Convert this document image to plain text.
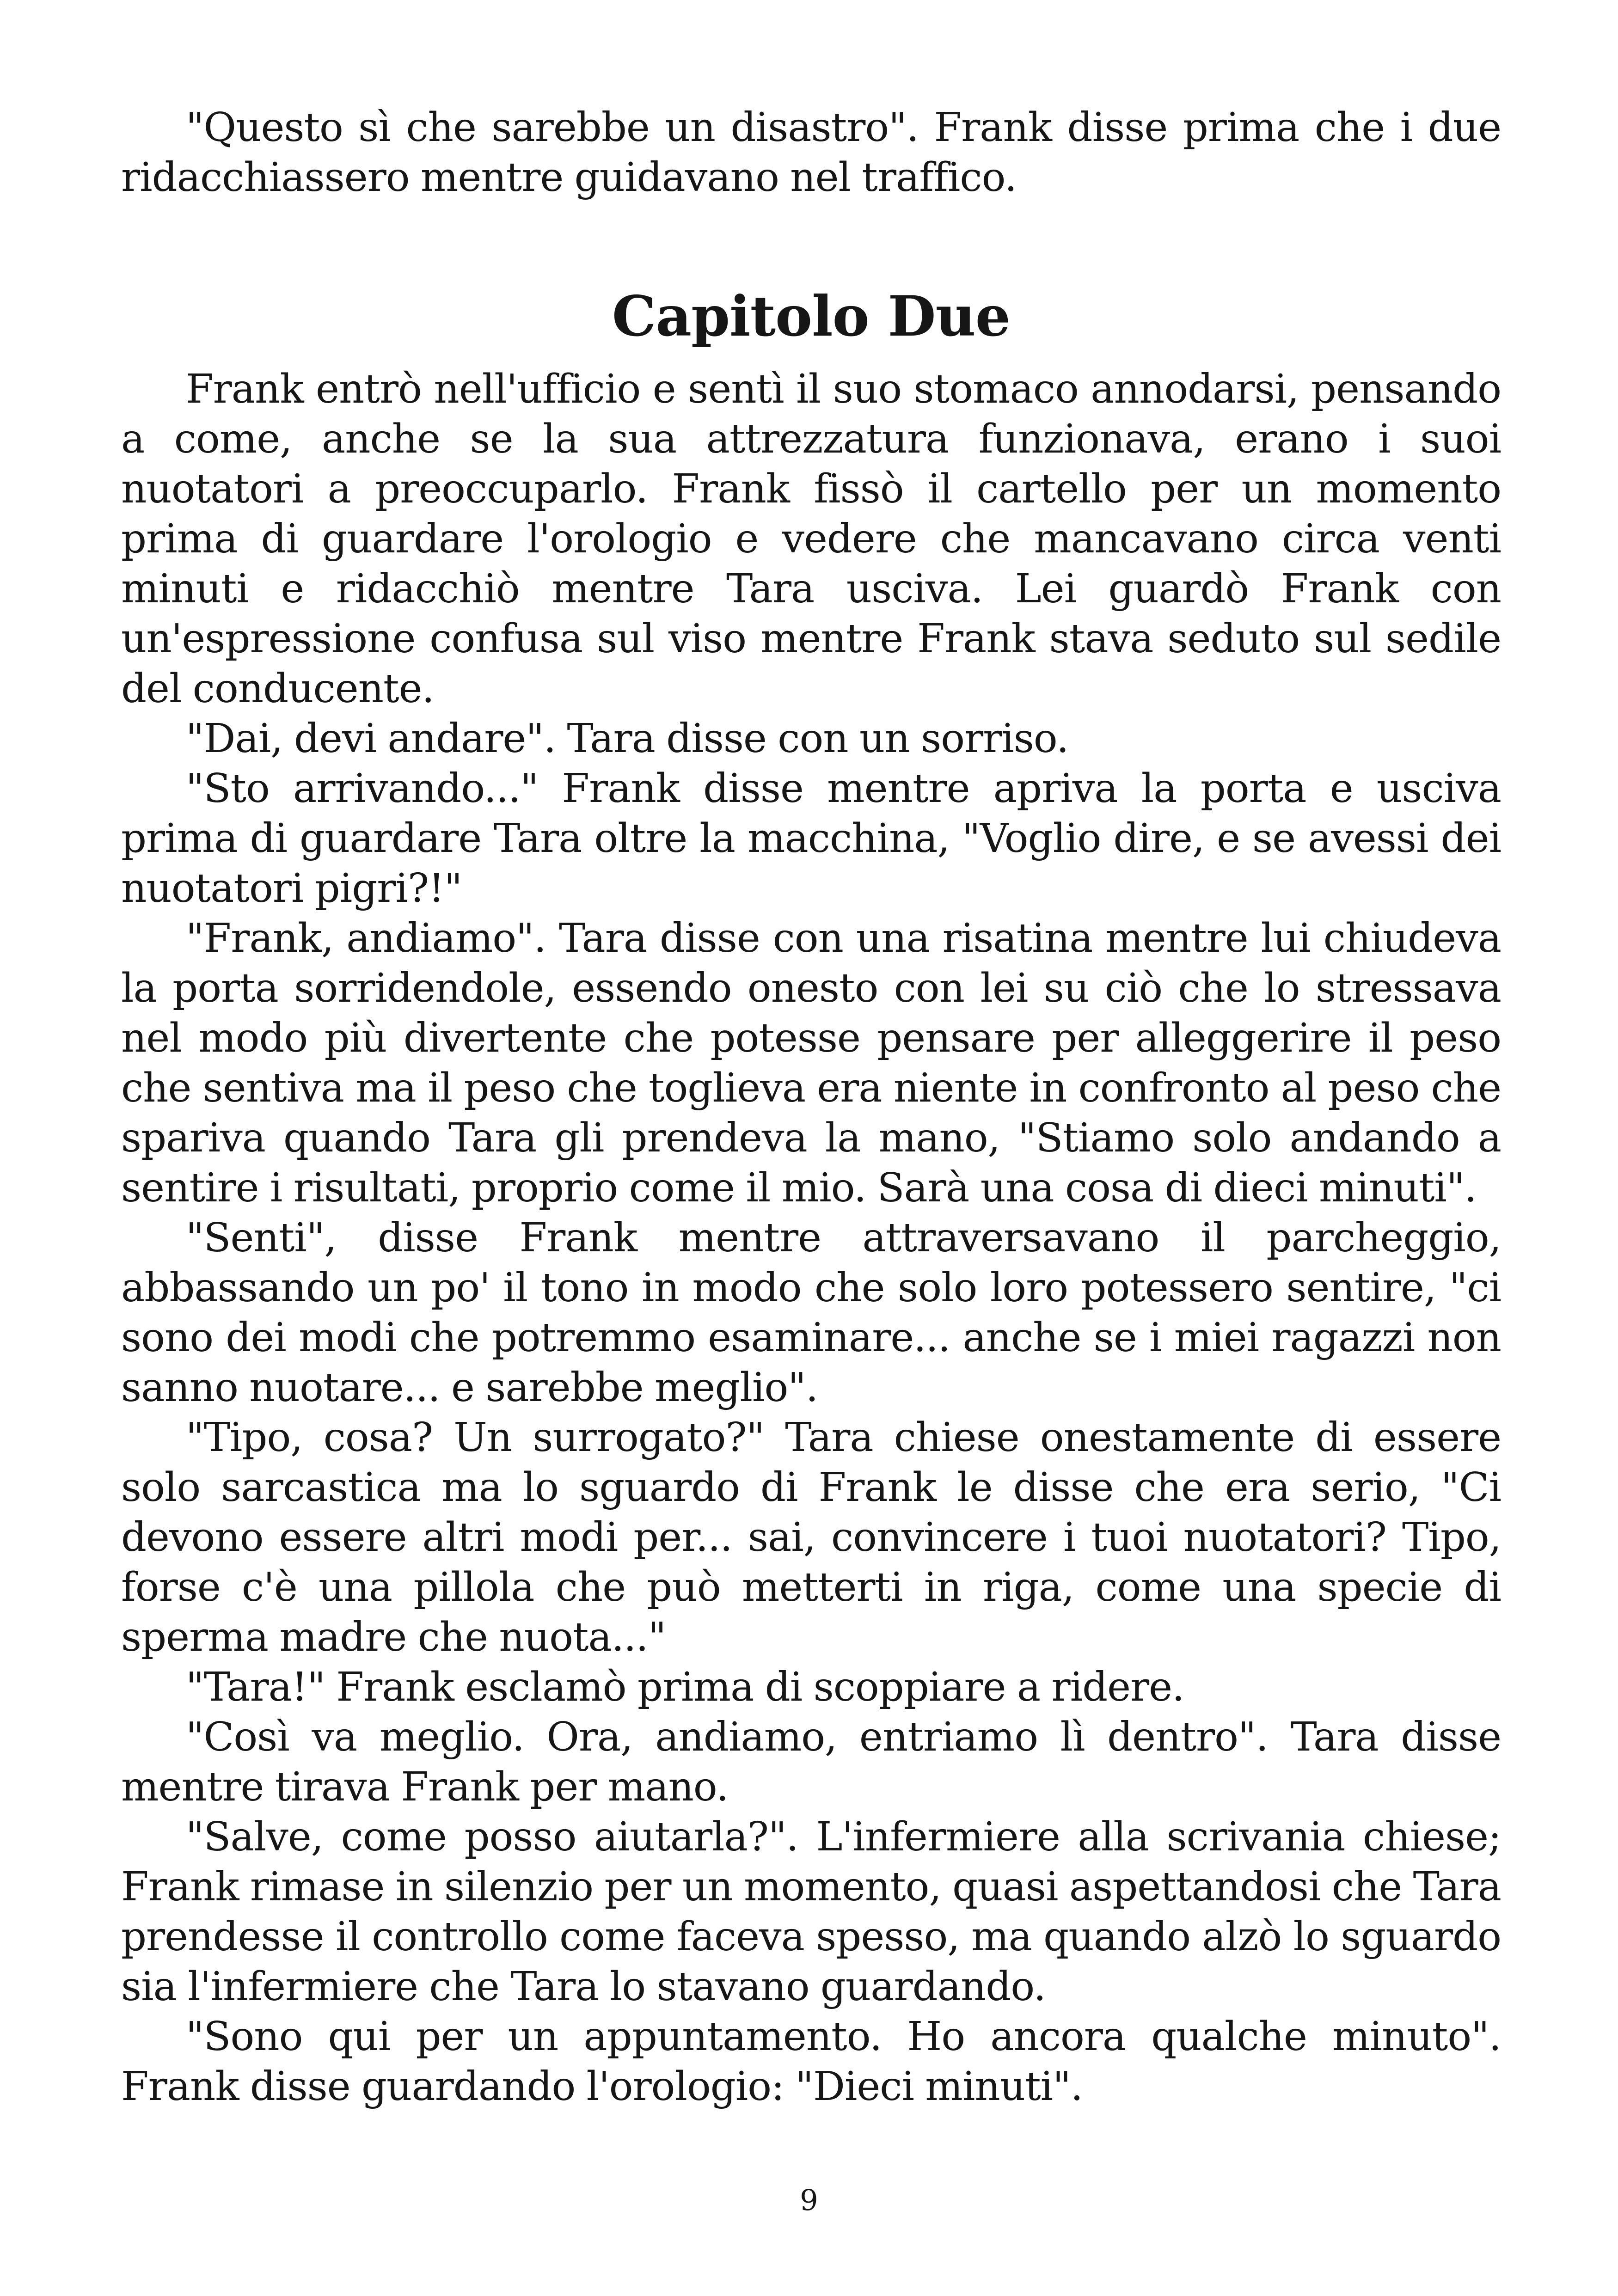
"Questo sì che sarebbe un disastro". Frank disse prima che i due ridacchiassero mentre guidavano nel traffico.

Capitolo Due

Frank entrò nell'ufficio e sentì il suo stomaco annodarsi, pensando a come, anche se la sua attrezzatura funzionava, erano i suoi nuotatori a preoccuparlo. Frank fissò il cartello per un momento prima di guardare l'orologio e vedere che mancavano circa venti minuti e ridacchiò mentre Tara usciva. Lei guardò Frank con un'espressione confusa sul viso mentre Frank stava seduto sul sedile del conducente.

"Dai, devi andare". Tara disse con un sorriso.

"Sto arrivando..." Frank disse mentre apriva la porta e usciva prima di guardare Tara oltre la macchina, "Voglio dire, e se avessi dei nuotatori pigri?!"

"Frank, andiamo". Tara disse con una risatina mentre lui chiudeva la porta sorridendole, essendo onesto con lei su ciò che lo stressava nel modo più divertente che potesse pensare per alleggerire il peso che sentiva ma il peso che toglieva era niente in confronto al peso che spariva quando Tara gli prendeva la mano, "Stiamo solo andando a sentire i risultati, proprio come il mio. Sarà una cosa di dieci minuti".

"Senti", disse Frank mentre attraversavano il parcheggio, abbassando un po' il tono in modo che solo loro potessero sentire, "ci sono dei modi che potremmo esaminare... anche se i miei ragazzi non sanno nuotare... e sarebbe meglio".

"Tipo, cosa? Un surrogato?" Tara chiese onestamente di essere solo sarcastica ma lo sguardo di Frank le disse che era serio, "Ci devono essere altri modi per... sai, convincere i tuoi nuotatori? Tipo, forse c'è una pillola che può metterti in riga, come una specie di sperma madre che nuota..."

"Tara!" Frank esclamò prima di scoppiare a ridere.

"Così va meglio. Ora, andiamo, entriamo lì dentro". Tara disse mentre tirava Frank per mano.

"Salve, come posso aiutarla?". L'infermiere alla scrivania chiese; Frank rimase in silenzio per un momento, quasi aspettandosi che Tara prendesse il controllo come faceva spesso, ma quando alzò lo sguardo sia l'infermiere che Tara lo stavano guardando.

"Sono qui per un appuntamento. Ho ancora qualche minuto". Frank disse guardando l'orologio: "Dieci minuti".

9
